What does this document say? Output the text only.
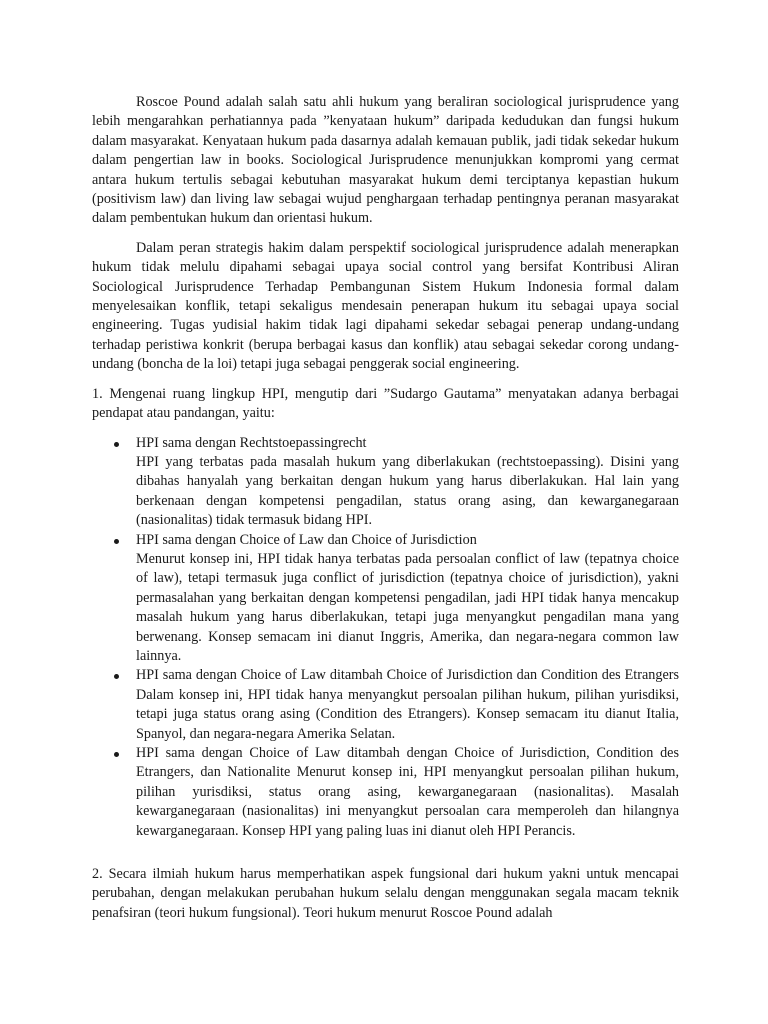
Roscoe Pound adalah salah satu ahli hukum yang beraliran sociological jurisprudence yang lebih mengarahkan perhatiannya pada ”kenyataan hukum” daripada kedudukan dan fungsi hukum dalam masyarakat. Kenyataan hukum pada dasarnya adalah kemauan publik, jadi tidak sekedar hukum dalam pengertian law in books. Sociological Jurisprudence menunjukkan kompromi yang cermat antara hukum tertulis sebagai kebutuhan masyarakat hukum demi terciptanya kepastian hukum (positivism law) dan living law sebagai wujud penghargaan terhadap pentingnya peranan masyarakat dalam pembentukan hukum dan orientasi hukum.

Dalam peran strategis hakim dalam perspektif sociological jurisprudence adalah menerapkan hukum tidak melulu dipahami sebagai upaya social control yang bersifat Kontribusi Aliran Sociological Jurisprudence Terhadap Pembangunan Sistem Hukum Indonesia formal dalam menyelesaikan konflik, tetapi sekaligus mendesain penerapan hukum itu sebagai upaya social engineering. Tugas yudisial hakim tidak lagi dipahami sekedar sebagai penerap undang-undang terhadap peristiwa konkrit (berupa berbagai kasus dan konflik) atau sebagai sekedar corong undang-undang (boncha de la loi) tetapi juga sebagai penggerak social engineering.

1. Mengenai ruang lingkup HPI, mengutip dari ”Sudargo Gautama” menyatakan adanya berbagai pendapat atau pandangan, yaitu:

HPI sama dengan Rechtstoepassingrecht
HPI yang terbatas pada masalah hukum yang diberlakukan (rechtstoepassing). Disini yang dibahas hanyalah yang berkaitan dengan hukum yang harus diberlakukan. Hal lain yang berkenaan dengan kompetensi pengadilan, status orang asing, dan kewarganegaraan (nasionalitas) tidak termasuk bidang HPI.
HPI sama dengan Choice of Law dan Choice of Jurisdiction
Menurut konsep ini, HPI tidak hanya terbatas pada persoalan conflict of law (tepatnya choice of law), tetapi termasuk juga conflict of jurisdiction (tepatnya choice of jurisdiction), yakni permasalahan yang berkaitan dengan kompetensi pengadilan, jadi HPI tidak hanya mencakup masalah hukum yang harus diberlakukan, tetapi juga menyangkut pengadilan mana yang berwenang. Konsep semacam ini dianut Inggris, Amerika, dan negara-negara common law lainnya.
HPI sama dengan Choice of Law ditambah Choice of Jurisdiction dan Condition des Etrangers Dalam konsep ini, HPI tidak hanya menyangkut persoalan pilihan hukum, pilihan yurisdiksi, tetapi juga status orang asing (Condition des Etrangers). Konsep semacam itu dianut Italia, Spanyol, dan negara-negara Amerika Selatan.
HPI sama dengan Choice of Law ditambah dengan Choice of Jurisdiction, Condition des Etrangers, dan Nationalite Menurut konsep ini, HPI menyangkut persoalan pilihan hukum, pilihan yurisdiksi, status orang asing, kewarganegaraan (nasionalitas). Masalah kewarganegaraan (nasionalitas) ini menyangkut persoalan cara memperoleh dan hilangnya kewarganegaraan. Konsep HPI yang paling luas ini dianut oleh HPI Perancis.

2. Secara ilmiah hukum harus memperhatikan aspek fungsional dari hukum yakni untuk mencapai perubahan, dengan melakukan perubahan hukum selalu dengan menggunakan segala macam teknik penafsiran (teori hukum fungsional). Teori hukum menurut Roscoe Pound adalah
